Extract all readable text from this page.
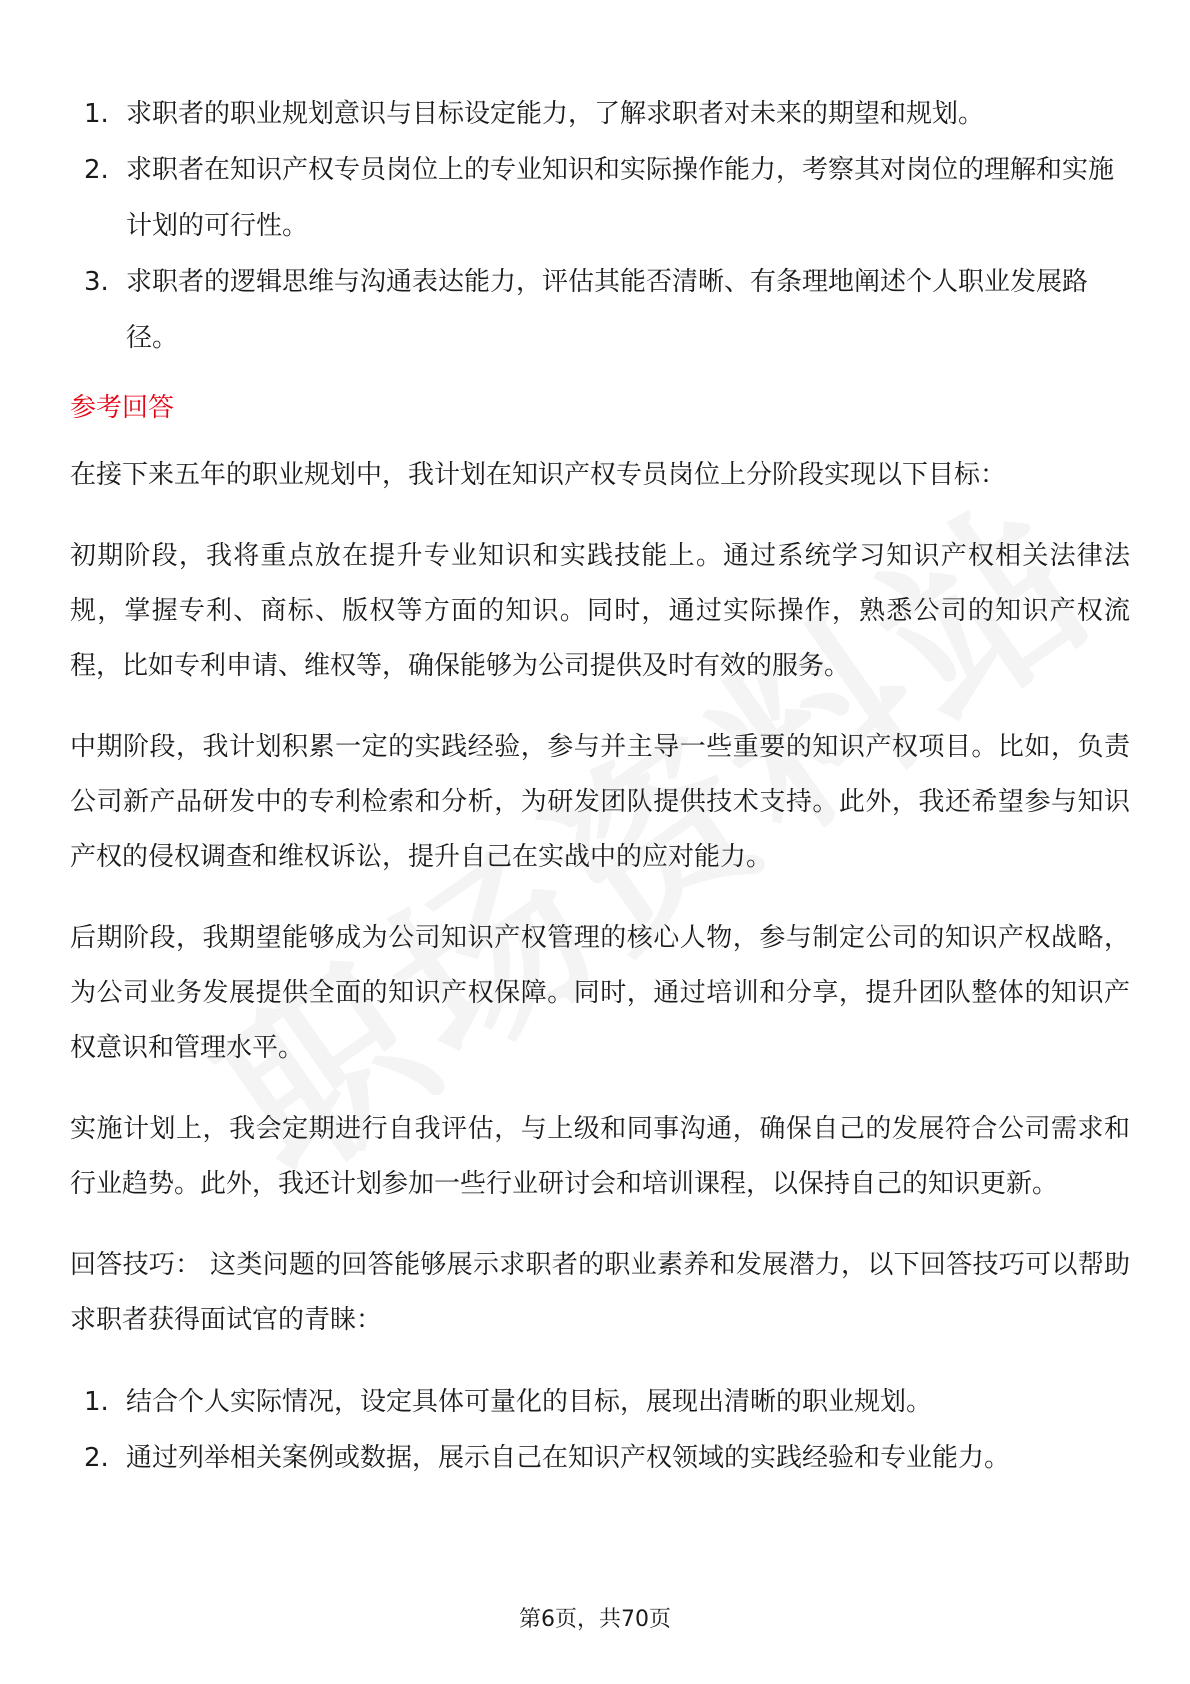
1. 求职者的职业规划意识与目标设定能力，了解求职者对未来的期望和规划。
2. 求职者在知识产权专员岗位上的专业知识和实际操作能力，考察其对岗位的理解和实施计划的可行性。
3. 求职者的逻辑思维与沟通表达能力，评估其能否清晰、有条理地阐述个人职业发展路径。
参考回答

在接下来五年的职业规划中，我计划在知识产权专员岗位上分阶段实现以下目标：

初期阶段，我将重点放在提升专业知识和实践技能上。通过系统学习知识产权相关法律法规，掌握专利、商标、版权等方面的知识。同时，通过实际操作，熟悉公司的知识产权流程，比如专利申请、维权等，确保能够为公司提供及时有效的服务。

中期阶段，我计划积累一定的实践经验，参与并主导一些重要的知识产权项目。比如，负责公司新产品研发中的专利检索和分析，为研发团队提供技术支持。此外，我还希望参与知识产权的侵权调查和维权诉讼，提升自己在实战中的应对能力。

后期阶段，我期望能够成为公司知识产权管理的核心人物，参与制定公司的知识产权战略，为公司业务发展提供全面的知识产权保障。同时，通过培训和分享，提升团队整体的知识产权意识和管理水平。

实施计划上，我会定期进行自我评估，与上级和同事沟通，确保自己的发展符合公司需求和行业趋势。此外，我还计划参加一些行业研讨会和培训课程，以保持自己的知识更新。

回答技巧： 这类问题的回答能够展示求职者的职业素养和发展潜力，以下回答技巧可以帮助求职者获得面试官的青睐：

1. 结合个人实际情况，设定具体可量化的目标，展现出清晰的职业规划。
2. 通过列举相关案例或数据，展示自己在知识产权领域的实践经验和专业能力。
第6页，共70页
